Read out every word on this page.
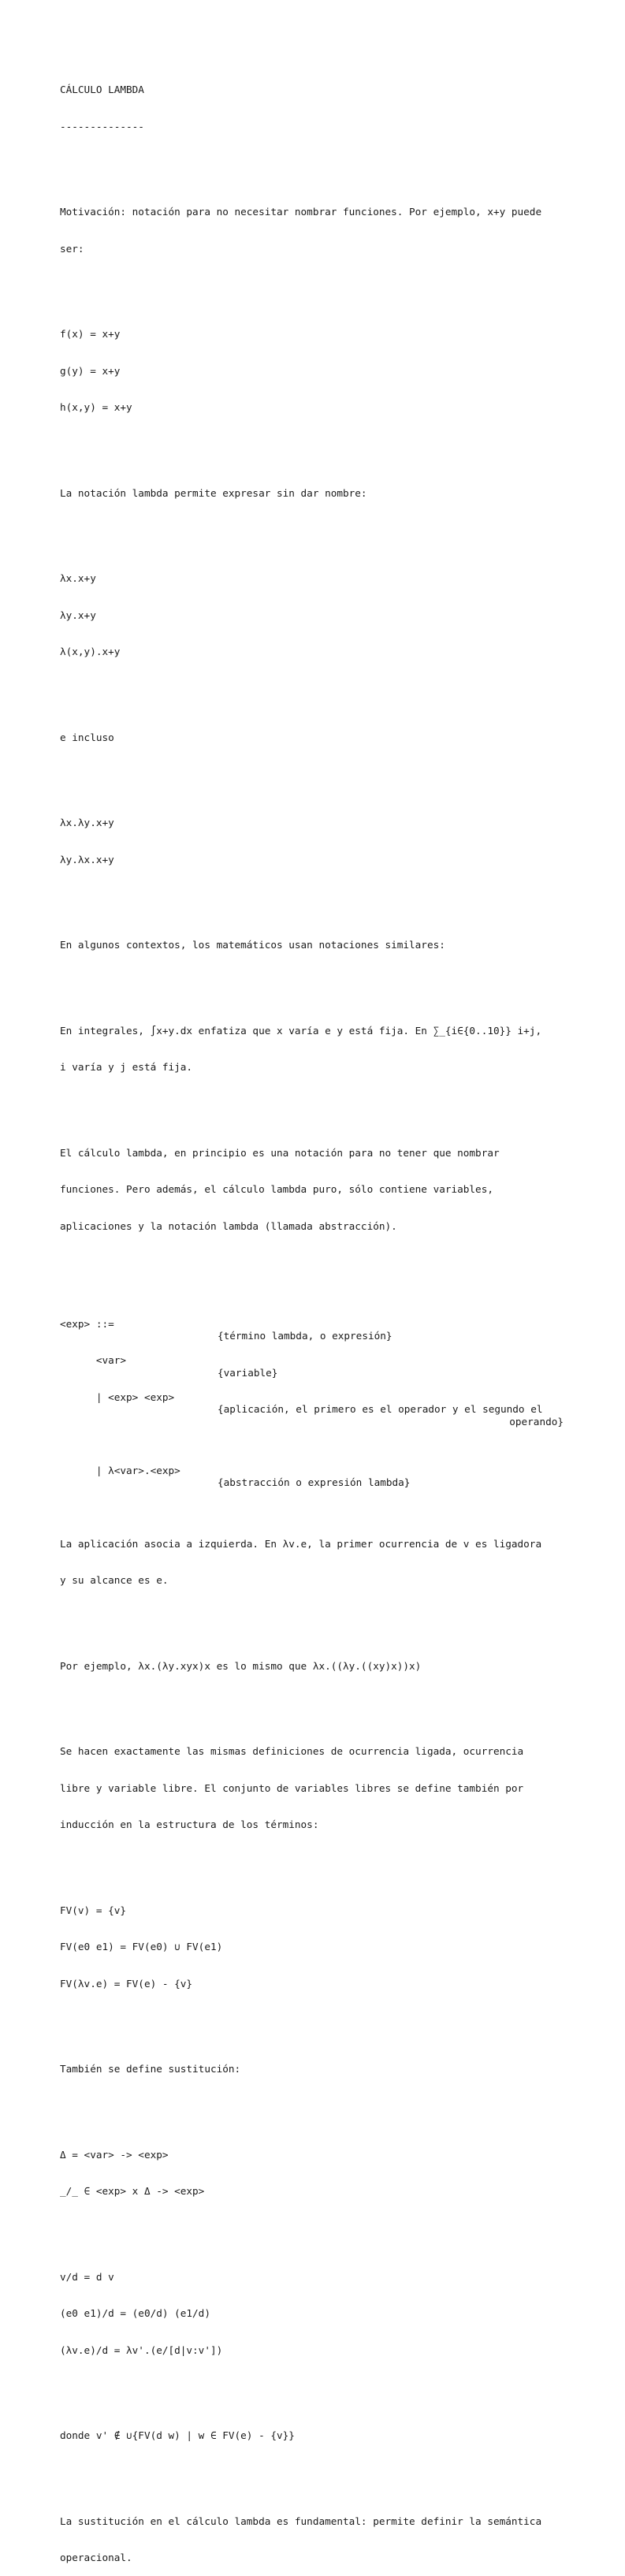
CÁLCULO LAMBDA

--------------

Motivación: notación para no necesitar nombrar funciones. Por ejemplo, x+y puede

ser:

f(x) = x+y

g(y) = x+y

h(x,y) = x+y

La notación lambda permite expresar sin dar nombre:

λx.x+y

λy.x+y

λ(x,y).x+y

e incluso

λx.λy.x+y

λy.λx.x+y

En algunos contextos, los matemáticos usan notaciones similares:

En integrales, ∫x+y.dx enfatiza que x varía e y está fija. En ∑_{i∈{0..10}} i+j,

i varía y j está fija.

El cálculo lambda, en principio es una notación para no tener que nombrar

funciones. Pero además, el cálculo lambda puro, sólo contiene variables,

aplicaciones y la notación lambda (llamada abstracción).

<exp> ::=

{término lambda, o expresión}

<var>

{variable}

| <exp> <exp>

{aplicación, el primero es el operador y el segundo el

operando}

| λ<var>.<exp>

{abstracción o expresión lambda}

La aplicación asocia a izquierda. En λv.e, la primer ocurrencia de v es ligadora

y su alcance es e.

Por ejemplo, λx.(λy.xyx)x es lo mismo que λx.((λy.((xy)x))x)

Se hacen exactamente las mismas definiciones de ocurrencia ligada, ocurrencia

libre y variable libre. El conjunto de variables libres se define también por

inducción en la estructura de los términos:

FV(v) = {v}

FV(e0 e1) = FV(e0) ∪ FV(e1)

FV(λv.e) = FV(e) - {v}

También se define sustitución:

Δ = <var> -> <exp>

_/_ ∈ <exp> x Δ -> <exp>

v/d = d v

(e0 e1)/d = (e0/d) (e1/d)

(λv.e)/d = λv'.(e/[d|v:v'])

donde v' ∉ ∪{FV(d w) | w ∈ FV(e) - {v}}

La sustitución en el cálculo lambda es fundamental: permite definir la semántica

operacional.
